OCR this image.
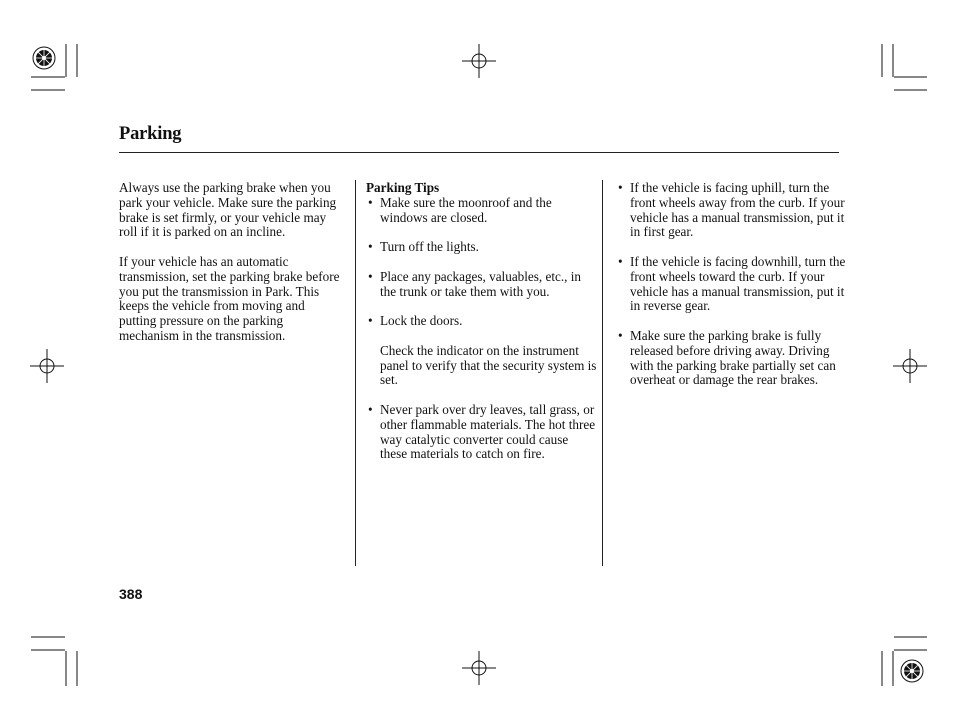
Parking

Always use the parking brake when you park your vehicle. Make sure the parking brake is set firmly, or your vehicle may roll if it is parked on an incline.

If your vehicle has an automatic transmission, set the parking brake before you put the transmission in Park. This keeps the vehicle from moving and putting pressure on the parking mechanism in the transmission.

Parking Tips
• Make sure the moonroof and the windows are closed.
• Turn off the lights.
• Place any packages, valuables, etc., in the trunk or take them with you.
• Lock the doors.
Check the indicator on the instrument panel to verify that the security system is set.
• Never park over dry leaves, tall grass, or other flammable materials. The hot three way catalytic converter could cause these materials to catch on fire.
• If the vehicle is facing uphill, turn the front wheels away from the curb. If your vehicle has a manual transmission, put it in first gear.
• If the vehicle is facing downhill, turn the front wheels toward the curb. If your vehicle has a manual transmission, put it in reverse gear.
• Make sure the parking brake is fully released before driving away. Driving with the parking brake partially set can overheat or damage the rear brakes.
388
